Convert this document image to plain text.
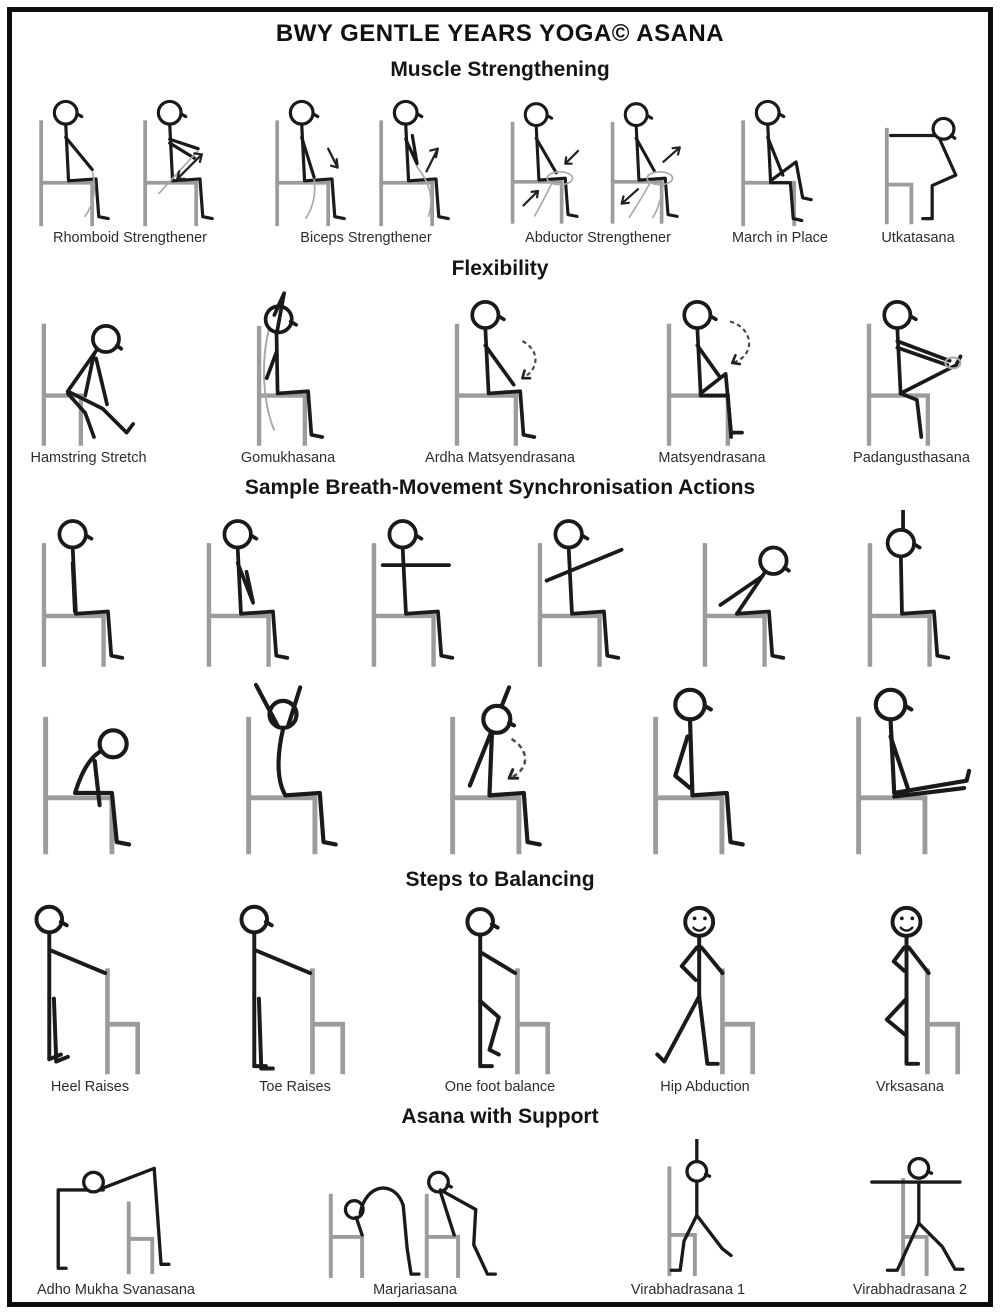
BWY GENTLE YEARS YOGA© ASANA
Muscle Strengthening
Rhomboid Strengthener	Biceps Strengthener	Abductor Strengthener	March in Place	Utkatasana
Flexibility
Hamstring Stretch	Gomukhasana	Ardha Matsyendrasana	Matsyendrasana	Padangusthasana
Sample Breath-Movement Synchronisation Actions
Steps to Balancing
Heel Raises	Toe Raises	One foot balance	Hip Abduction	Vrksasana
Asana with Support
Adho Mukha Svanasana	Marjariasana	Virabhadrasana 1	Virabhadrasana 2
